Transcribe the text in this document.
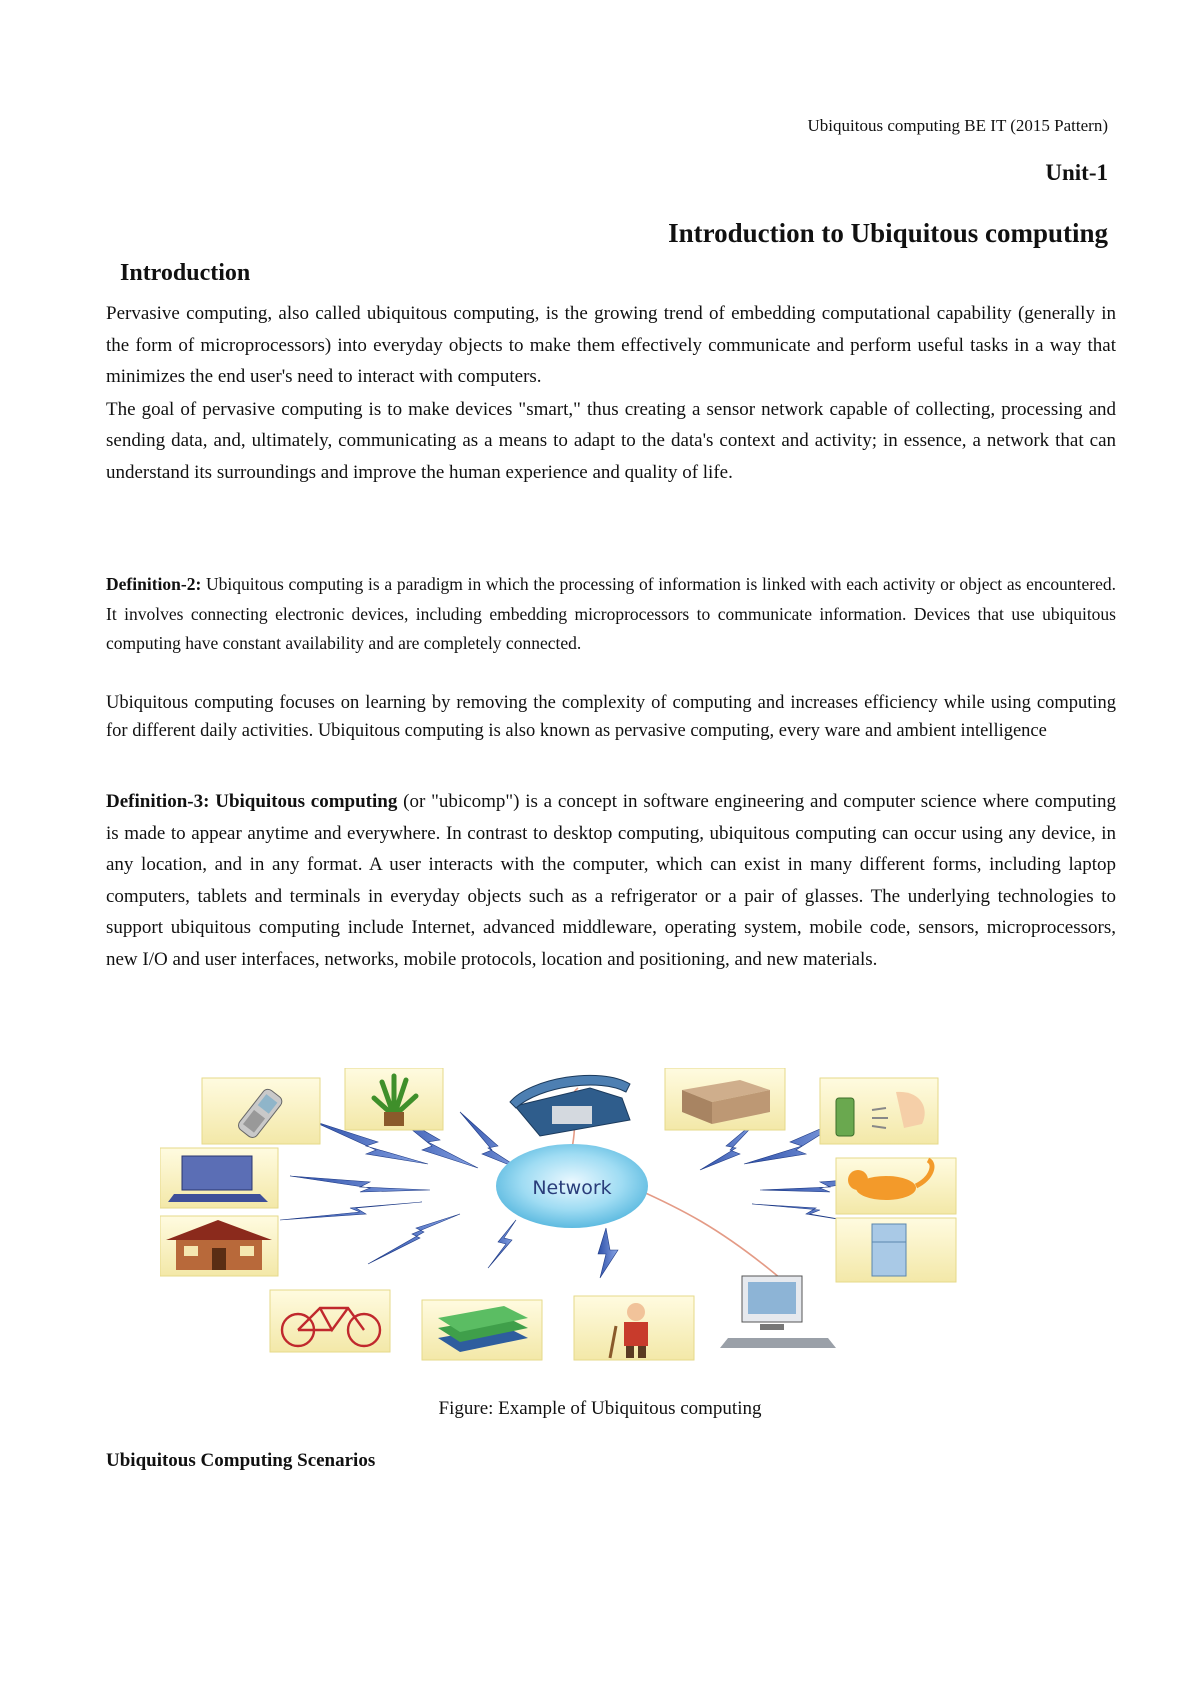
Ubiquitous computing BE IT (2015 Pattern)
Unit-1
Introduction to Ubiquitous computing
Introduction

Pervasive computing, also called ubiquitous computing, is the growing trend of embedding computational capability (generally in the form of microprocessors) into everyday objects to make them effectively communicate and perform useful tasks in a way that minimizes the end user's need to interact with computers.

The goal of pervasive computing is to make devices "smart," thus creating a sensor network capable of collecting, processing and sending data, and, ultimately, communicating as a means to adapt to the data's context and activity; in essence, a network that can understand its surroundings and improve the human experience and quality of life.

Definition-2: Ubiquitous computing is a paradigm in which the processing of information is linked with each activity or object as encountered. It involves connecting electronic devices, including embedding microprocessors to communicate information. Devices that use ubiquitous computing have constant availability and are completely connected.

Ubiquitous computing focuses on learning by removing the complexity of computing and increases efficiency while using computing for different daily activities. Ubiquitous computing is also known as pervasive computing, every ware and ambient intelligence

Definition-3: Ubiquitous computing (or "ubicomp") is a concept in software engineering and computer science where computing is made to appear anytime and everywhere. In contrast to desktop computing, ubiquitous computing can occur using any device, in any location, and in any format. A user interacts with the computer, which can exist in many different forms, including laptop computers, tablets and terminals in everyday objects such as a refrigerator or a pair of glasses. The underlying technologies to support ubiquitous computing include Internet, advanced middleware, operating system, mobile code, sensors, microprocessors, new I/O and user interfaces, networks, mobile protocols, location and positioning, and new materials.

Network
Figure: Example of Ubiquitous computing
Ubiquitous Computing Scenarios
